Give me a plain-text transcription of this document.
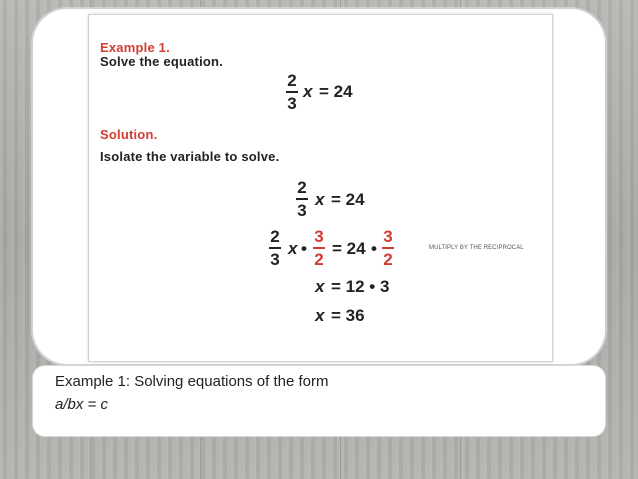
Example 1.
Solve the equation.
2
3
x = 24
Solution.
Isolate the variable to solve.
2
3
x = 24
2
3
x •
3
2
= 24 •
3
2
MULTIPLY BY THE RECIPROCAL
x = 12 • 3
x = 36
Example 1: Solving equations of the form
a/bx = c
